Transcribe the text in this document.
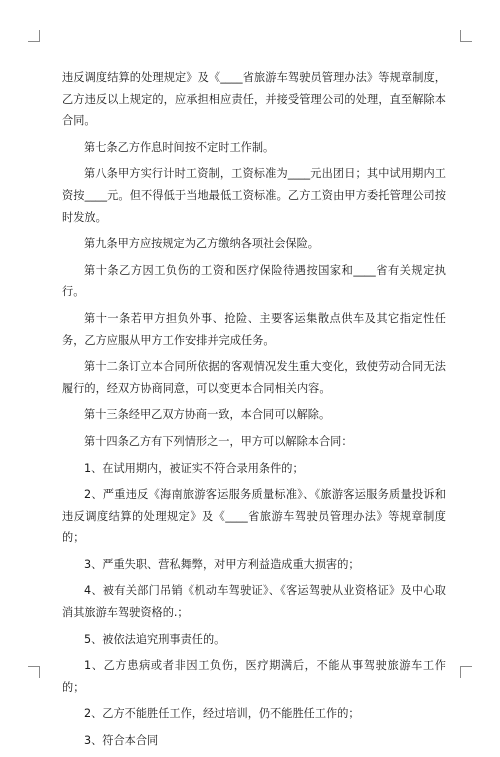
违反调度结算的处理规定》及《____省旅游车驾驶员管理办法》等规章制度，乙方违反以上规定的，应承担相应责任，并接受管理公司的处理，直至解除本合同。

第七条乙方作息时间按不定时工作制。

第八条甲方实行计时工资制，工资标准为____元出团日；其中试用期内工资按____元。但不得低于当地最低工资标准。乙方工资由甲方委托管理公司按时发放。

第九条甲方应按规定为乙方缴纳各项社会保险。

第十条乙方因工负伤的工资和医疗保险待遇按国家和____省有关规定执行。

第十一条若甲方担负外事、抢险、主要客运集散点供车及其它指定性任务，乙方应服从甲方工作安排并完成任务。

第十二条订立本合同所依据的客观情况发生重大变化，致使劳动合同无法履行的，经双方协商同意，可以变更本合同相关内容。

第十三条经甲乙双方协商一致，本合同可以解除。

第十四条乙方有下列情形之一，甲方可以解除本合同：

1、在试用期内，被证实不符合录用条件的；

2、严重违反《海南旅游客运服务质量标准》、《旅游客运服务质量投诉和违反调度结算的处理规定》及《____省旅游车驾驶员管理办法》等规章制度的；

3、严重失职、营私舞弊，对甲方利益造成重大损害的；

4、被有关部门吊销《机动车驾驶证》、《客运驾驶从业资格证》及中心取消其旅游车驾驶资格的.；

5、被依法追究刑事责任的。

1、乙方患病或者非因工负伤，医疗期满后，不能从事驾驶旅游车工作的；

2、乙方不能胜任工作，经过培训，仍不能胜任工作的；

3、符合本合同
